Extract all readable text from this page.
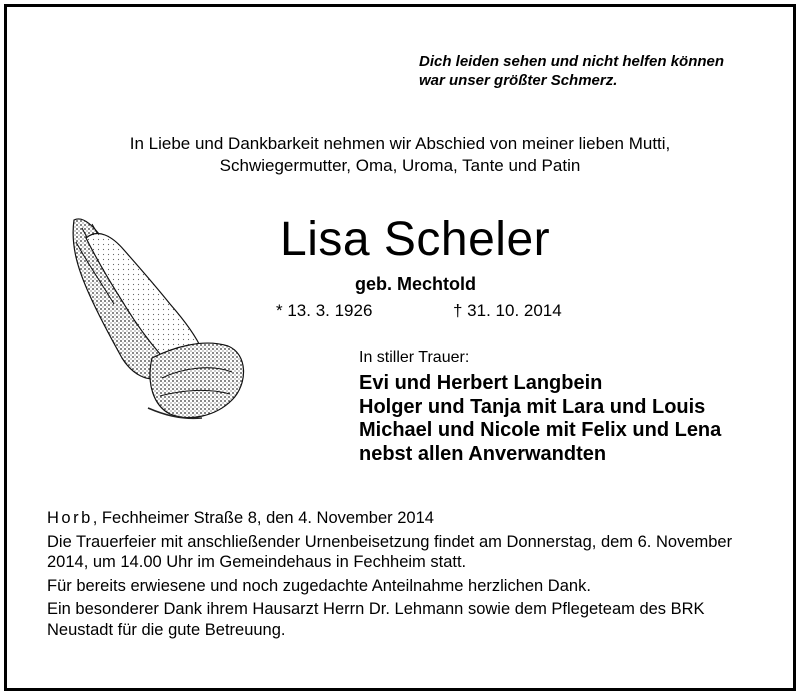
Dich leiden sehen und nicht helfen können
war unser größter Schmerz.
In Liebe und Dankbarkeit nehmen wir Abschied von meiner lieben Mutti,
Schwiegermutter, Oma, Uroma, Tante und Patin
Lisa Scheler
geb. Mechtold
* 13. 3. 1926	† 31. 10. 2014
In stiller Trauer:
Evi und Herbert Langbein
Holger und Tanja mit Lara und Louis
Michael und Nicole mit Felix und Lena
nebst allen Anverwandten

Horb, Fechheimer Straße 8, den 4. November 2014

Die Trauerfeier mit anschließender Urnenbeisetzung findet am Donnerstag, dem 6. November 2014, um 14.00 Uhr im Gemeindehaus in Fechheim statt.

Für bereits erwiesene und noch zugedachte Anteilnahme herzlichen Dank.

Ein besonderer Dank ihrem Hausarzt Herrn Dr. Lehmann sowie dem Pflegeteam des BRK Neustadt für die gute Betreuung.
